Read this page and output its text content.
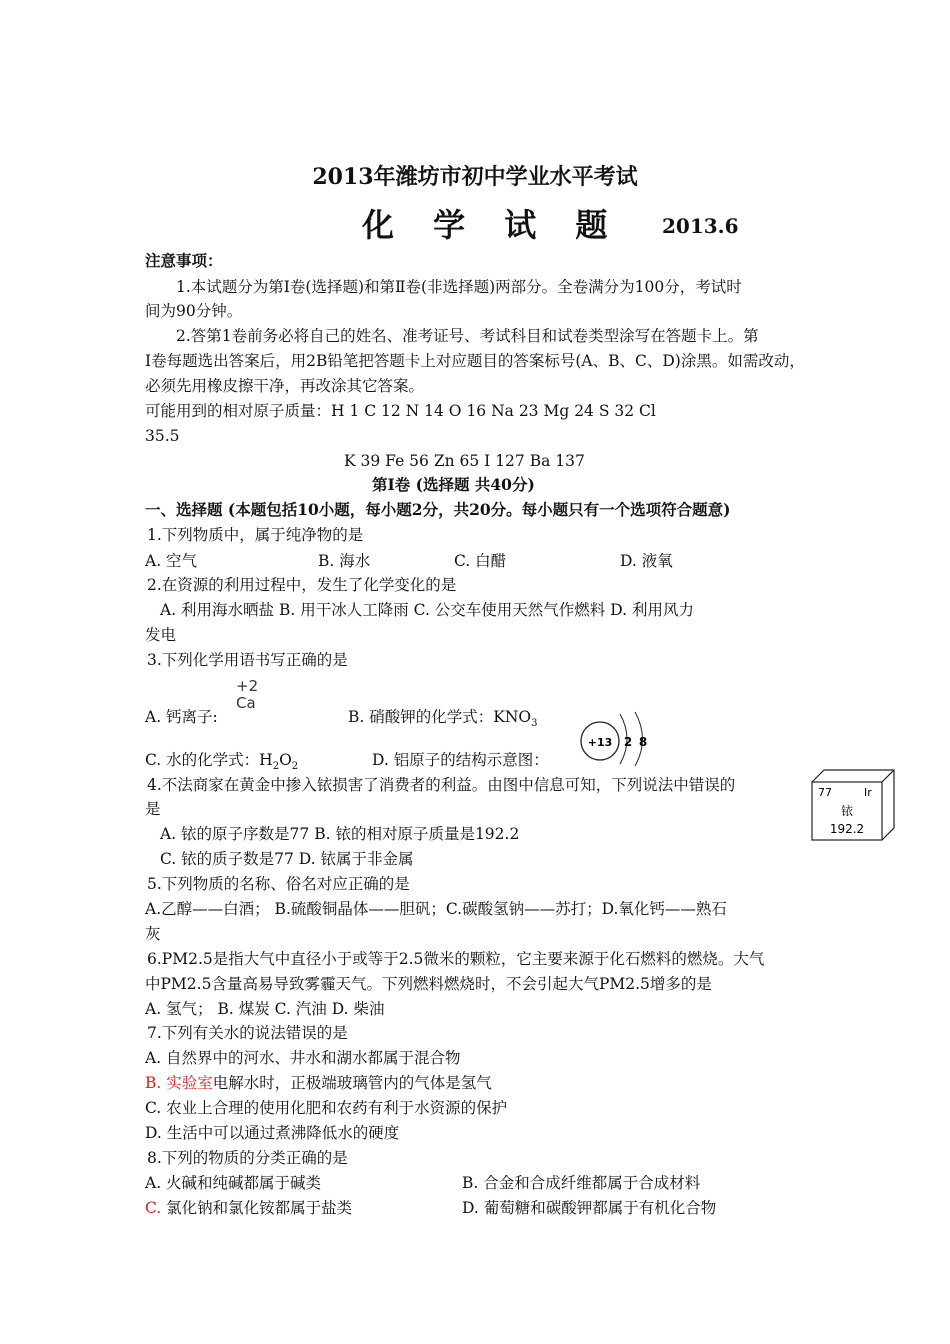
2013年潍坊市初中学业水平考试
化 学 试 题 2013.6
注意事项：
1.本试题分为第Ⅰ卷(选择题)和第Ⅱ卷(非选择题)两部分。全卷满分为100分，考试时
间为90分钟。
2.答第1卷前务必将自己的姓名、准考证号、考试科目和试卷类型涂写在答题卡上。第
Ⅰ卷每题选出答案后，用2B铅笔把答题卡上对应题目的答案标号(A、B、C、D)涂黑。如需改动，
必须先用橡皮擦干净，再改涂其它答案。
可能用到的相对原子质量：H 1 C 12 N 14 O 16 Na 23 Mg 24 S 32 Cl
35.5
K 39 Fe 56 Zn 65 I 127 Ba 137
第Ⅰ卷 (选择题 共40分)
一、选择题 (本题包括10小题，每小题2分，共20分。每小题只有一个选项符合题意)
1.下列物质中，属于纯净物的是
A. 空气	B. 海水	C. 白醋	D. 液氧
2.在资源的利用过程中，发生了化学变化的是
A. 利用海水晒盐 B. 用干冰人工降雨 C. 公交车使用天然气作燃料 D. 利用风力
发电
3.下列化学用语书写正确的是
+2
Ca
A. 钙离子:	B. 硝酸钾的化学式：$KNO_3$
C. 水的化学式：$H_2O_2$	D. 铝原子的结构示意图：
+13 2 8
4.不法商家在黄金中掺入铱损害了消费者的利益。由图中信息可知，下列说法中错误的
是
A. 铱的原子序数是77 B. 铱的相对原子质量是192.2
C. 铱的质子数是77 D. 铱属于非金属
77	Ir
铱
192.2
5.下列物质的名称、俗名对应正确的是
A.乙醇——白酒； B.硫酸铜晶体——胆矾；C.碳酸氢钠——苏打；D.氧化钙——熟石
灰
6.PM2.5是指大气中直径小于或等于2.5微米的颗粒，它主要来源于化石燃料的燃烧。大气
中PM2.5含量高易导致雾霾天气。下列燃料燃烧时，不会引起大气PM2.5增多的是
A. 氢气； B. 煤炭 C. 汽油 D. 柴油
7.下列有关水的说法错误的是
A. 自然界中的河水、井水和湖水都属于混合物
B. 实验室电解水时，正极端玻璃管内的气体是氢气
C. 农业上合理的使用化肥和农药有利于水资源的保护
D. 生活中可以通过煮沸降低水的硬度
8.下列的物质的分类正确的是
A. 火碱和纯碱都属于碱类	B. 合金和合成纤维都属于合成材料
C. 氯化钠和氯化铵都属于盐类	D. 葡萄糖和碳酸钾都属于有机化合物
